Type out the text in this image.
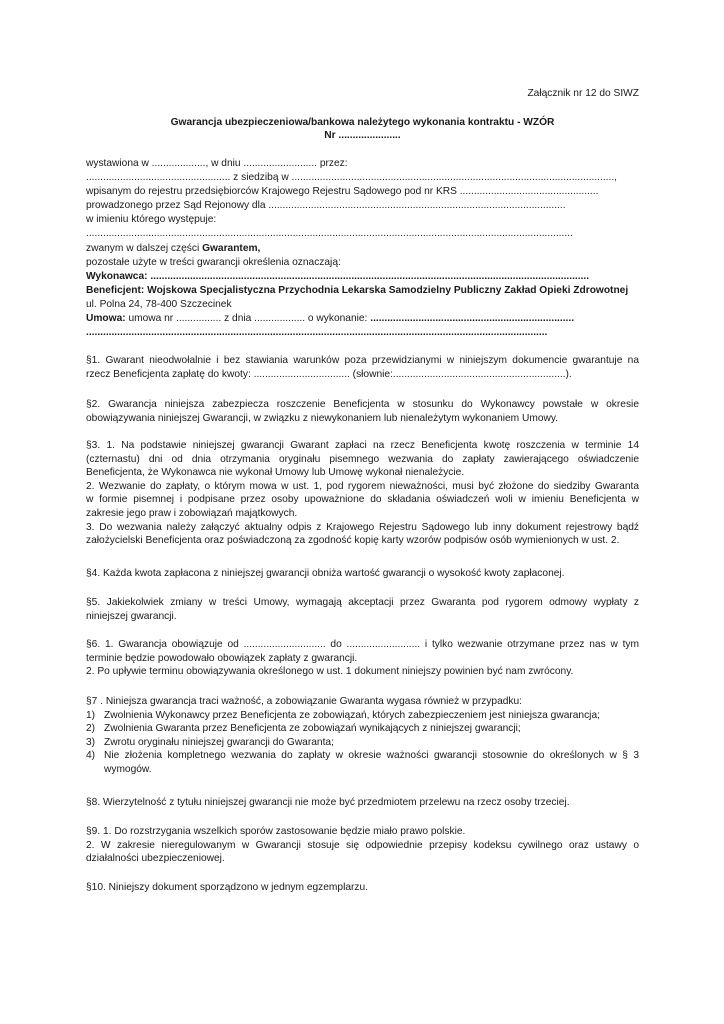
Załącznik nr 12 do SIWZ
Gwarancja ubezpieczeniowa/bankowa należytego wykonania kontraktu - WZÓR
Nr ......................
wystawiona w ..................., w dniu .......................... przez:
................................................... z siedzibą w ..................................................................................................................,
wpisanym do rejestru przedsiębiorców Krajowego Rejestru Sądowego pod nr KRS .................................................
prowadzonego przez Sąd Rejonowy dla .........................................................................................................
w imieniu którego występuje:
............................................................................................................................................................................
zwanym w dalszej części Gwarantem,
pozostałe użyte w treści gwarancji określenia oznaczają:
Wykonawca: ...........................................................................................................................................................
Beneficjent: Wojskowa Specjalistyczna Przychodnia Lekarska Samodzielny Publiczny Zakład Opieki Zdrowotnej
ul. Polna 24, 78-400 Szczecinek
Umowa: umowa nr ................ z dnia .................. o wykonanie: ........................................................................
...................................................................................................................................................................
§1. Gwarant nieodwołalnie i bez stawiania warunków poza przewidzianymi w niniejszym dokumencie gwarantuje na
rzecz Beneficjenta zapłatę do kwoty: .................................. (słownie:.............................................................).
§2. Gwarancja niniejsza zabezpiecza roszczenie Beneficjenta w stosunku do Wykonawcy powstałe w okresie
obowiązywania niniejszej Gwarancji, w związku z niewykonaniem lub nienależytym wykonaniem Umowy.
§3. 1. Na podstawie niniejszej gwarancji Gwarant zapłaci na rzecz Beneficjenta kwotę roszczenia w terminie 14
(czternastu) dni od dnia otrzymania oryginału pisemnego wezwania do zapłaty zawierającego oświadczenie
Beneficjenta, że Wykonawca nie wykonał Umowy lub Umowę wykonał nienależycie.
2. Wezwanie do zapłaty, o którym mowa w ust. 1, pod rygorem nieważności, musi być złożone do siedziby Gwaranta
w formie pisemnej i podpisane przez osoby upoważnione do składania oświadczeń woli w imieniu Beneficjenta w
zakresie jego praw i zobowiązań majątkowych.
3. Do wezwania należy załączyć aktualny odpis z Krajowego Rejestru Sądowego lub inny dokument rejestrowy bądź
założycielski Beneficjenta oraz poświadczoną za zgodność kopię karty wzorów podpisów osób wymienionych w ust. 2.
§4. Każda kwota zapłacona z niniejszej gwarancji obniża wartość gwarancji o wysokość kwoty zapłaconej.
§5. Jakiekolwiek zmiany w treści Umowy, wymagają akceptacji przez Gwaranta pod rygorem odmowy wypłaty z
niniejszej gwarancji.
§6. 1. Gwarancja obowiązuje od ............................. do .......................... i tylko wezwanie otrzymane przez nas w tym
terminie będzie powodowało obowiązek zapłaty z gwarancji.
2. Po upływie terminu obowiązywania określonego w ust. 1 dokument niniejszy powinien być nam zwrócony.
§7 . Niniejsza gwarancja traci ważność, a zobowiązanie Gwaranta wygasa również w przypadku:
1) Zwolnienia Wykonawcy przez Beneficjenta ze zobowiązań, których zabezpieczeniem jest niniejsza gwarancja;
2) Zwolnienia Gwaranta przez Beneficjenta ze zobowiązań wynikających z niniejszej gwarancji;
3) Zwrotu oryginału niniejszej gwarancji do Gwaranta;
4) Nie złożenia kompletnego wezwania do zapłaty w okresie ważności gwarancji stosownie do określonych w § 3
wymogów.
§8. Wierzytelność z tytułu niniejszej gwarancji nie może być przedmiotem przelewu na rzecz osoby trzeciej.
§9. 1. Do rozstrzygania wszelkich sporów zastosowanie będzie miało prawo polskie.
2. W zakresie nieregulowanym w Gwarancji stosuje się odpowiednie przepisy kodeksu cywilnego oraz ustawy o
działalności ubezpieczeniowej.
§10. Niniejszy dokument sporządzono w jednym egzemplarzu.
